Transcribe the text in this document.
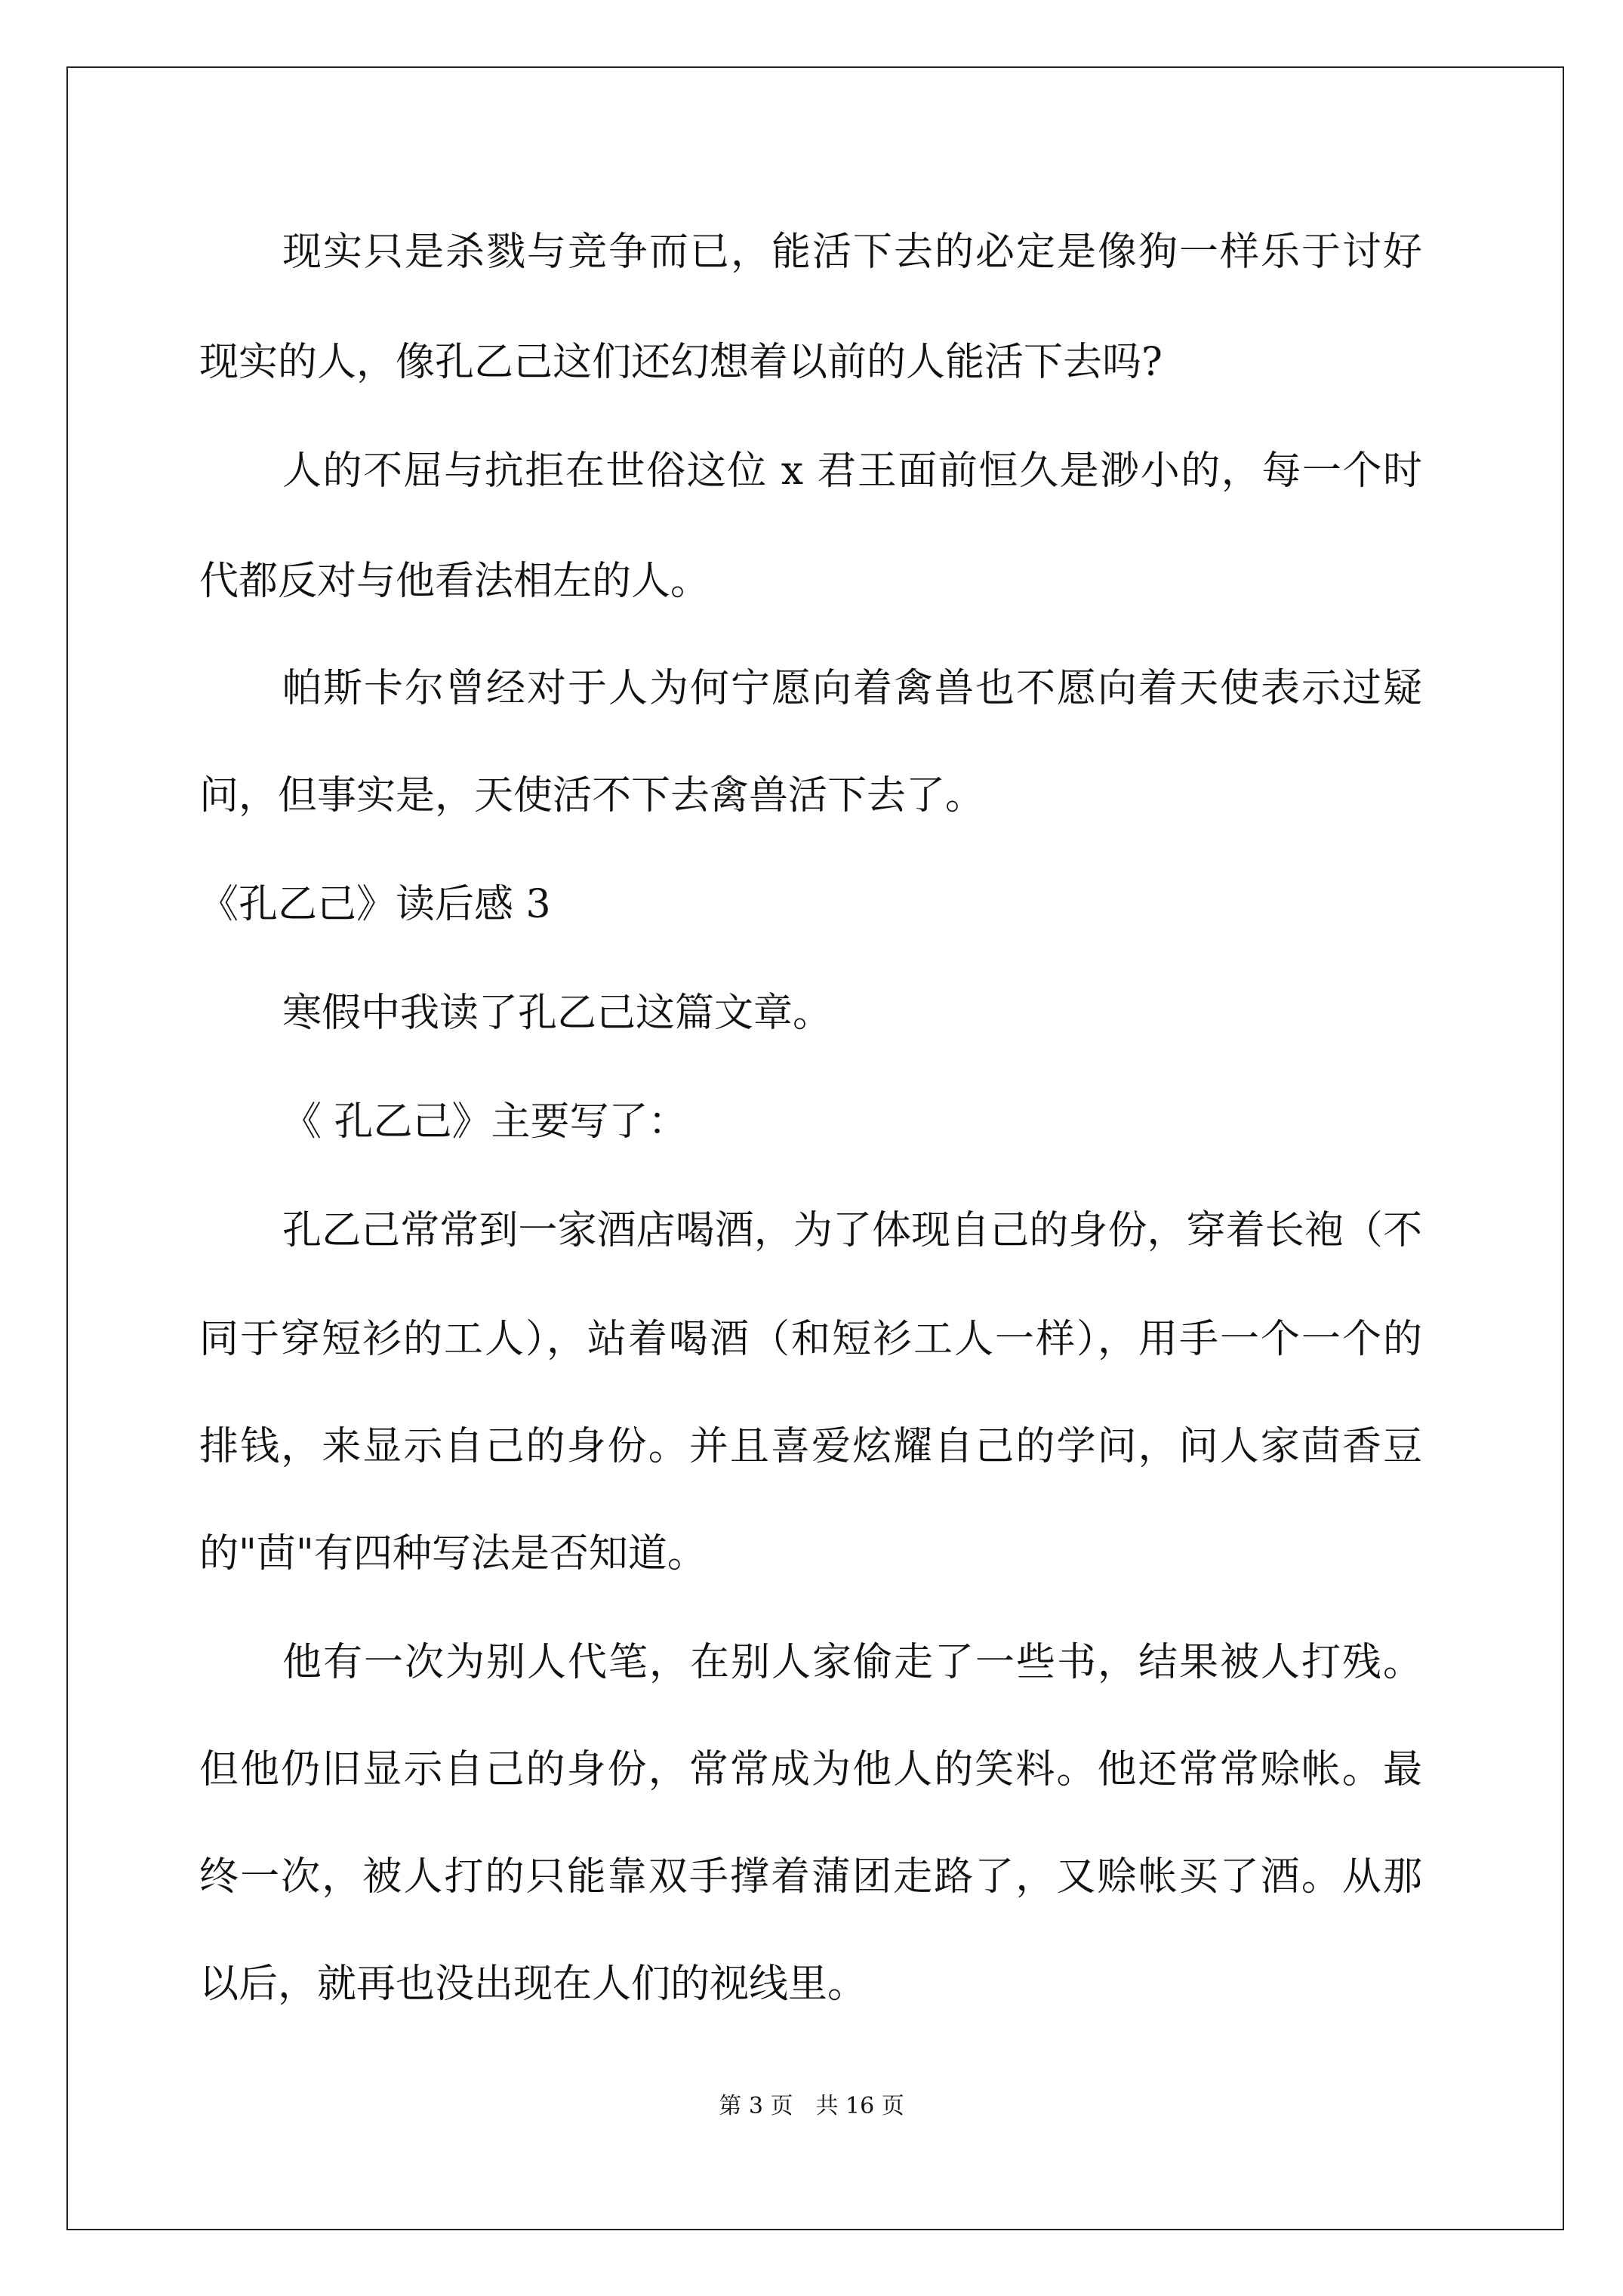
现实只是杀戮与竞争而已，能活下去的必定是像狗一样乐于讨好
现实的人，像孔乙己这们还幻想着以前的人能活下去吗?
人的不屈与抗拒在世俗这位 x 君王面前恒久是渺小的，每一个时
代都反对与他看法相左的人。
帕斯卡尔曾经对于人为何宁愿向着禽兽也不愿向着天使表示过疑
问，但事实是，天使活不下去禽兽活下去了。
《孔乙己》读后感 3
寒假中我读了孔乙己这篇文章。
《 孔乙己》主要写了：
孔乙己常常到一家酒店喝酒，为了体现自己的身份，穿着长袍（不
同于穿短衫的工人），站着喝酒（和短衫工人一样），用手一个一个的
排钱，来显示自己的身份。并且喜爱炫耀自己的学问，问人家茴香豆
的"茴"有四种写法是否知道。
他有一次为别人代笔，在别人家偷走了一些书，结果被人打残。
但他仍旧显示自己的身份，常常成为他人的笑料。他还常常赊帐。最
终一次，被人打的只能靠双手撑着蒲团走路了，又赊帐买了酒。从那
以后，就再也没出现在人们的视线里。
第 3 页　共 16 页
